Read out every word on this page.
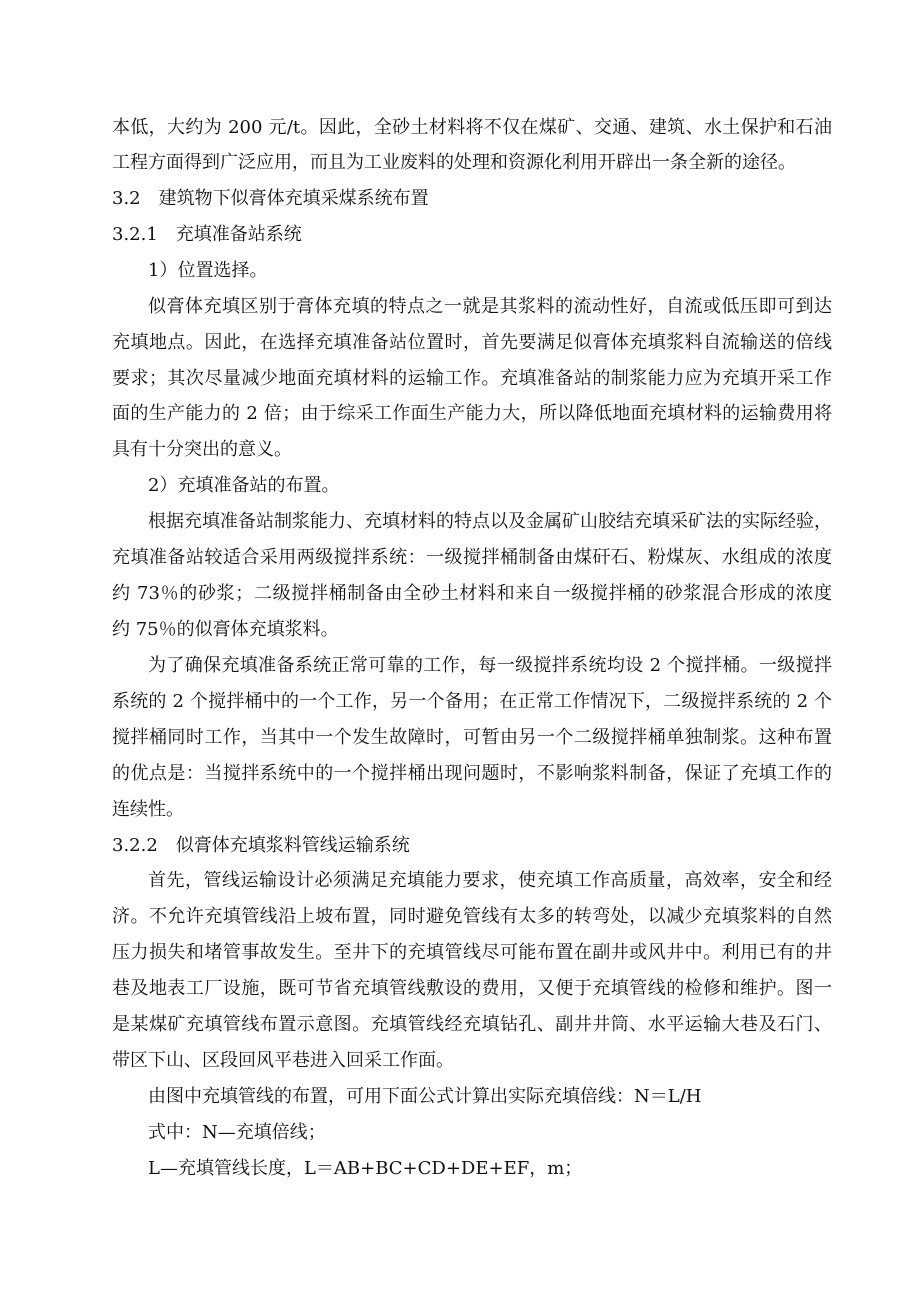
本低，大约为 200 元/t。因此，全砂土材料将不仅在煤矿、交通、建筑、水土保护和石油
工程方面得到广泛应用，而且为工业废料的处理和资源化利用开辟出一条全新的途径。
3.2　建筑物下似膏体充填采煤系统布置
3.2.1　充填准备站系统
1）位置选择。
似膏体充填区别于膏体充填的特点之一就是其浆料的流动性好，自流或低压即可到达
充填地点。因此，在选择充填准备站位置时，首先要满足似膏体充填浆料自流输送的倍线
要求；其次尽量减少地面充填材料的运输工作。充填准备站的制浆能力应为充填开采工作
面的生产能力的 2 倍；由于综采工作面生产能力大，所以降低地面充填材料的运输费用将
具有十分突出的意义。
2）充填准备站的布置。
根据充填准备站制浆能力、充填材料的特点以及金属矿山胶结充填采矿法的实际经验，
充填准备站较适合采用两级搅拌系统：一级搅拌桶制备由煤矸石、粉煤灰、水组成的浓度
约 73％的砂浆；二级搅拌桶制备由全砂土材料和来自一级搅拌桶的砂浆混合形成的浓度
约 75％的似膏体充填浆料。
为了确保充填准备系统正常可靠的工作，每一级搅拌系统均设 2 个搅拌桶。一级搅拌
系统的 2 个搅拌桶中的一个工作，另一个备用；在正常工作情况下，二级搅拌系统的 2 个
搅拌桶同时工作，当其中一个发生故障时，可暂由另一个二级搅拌桶单独制浆。这种布置
的优点是：当搅拌系统中的一个搅拌桶出现问题时，不影响浆料制备，保证了充填工作的
连续性。
3.2.2　似膏体充填浆料管线运输系统
首先，管线运输设计必须满足充填能力要求，使充填工作高质量，高效率，安全和经
济。不允许充填管线沿上坡布置，同时避免管线有太多的转弯处，以减少充填浆料的自然
压力损失和堵管事故发生。至井下的充填管线尽可能布置在副井或风井中。利用已有的井
巷及地表工厂设施，既可节省充填管线敷设的费用，又便于充填管线的检修和维护。图一
是某煤矿充填管线布置示意图。充填管线经充填钻孔、副井井筒、水平运输大巷及石门、
带区下山、区段回风平巷进入回采工作面。
由图中充填管线的布置，可用下面公式计算出实际充填倍线：N＝L/H
式中：N—充填倍线；
L—充填管线长度，L＝AB+BC+CD+DE+EF，m；
